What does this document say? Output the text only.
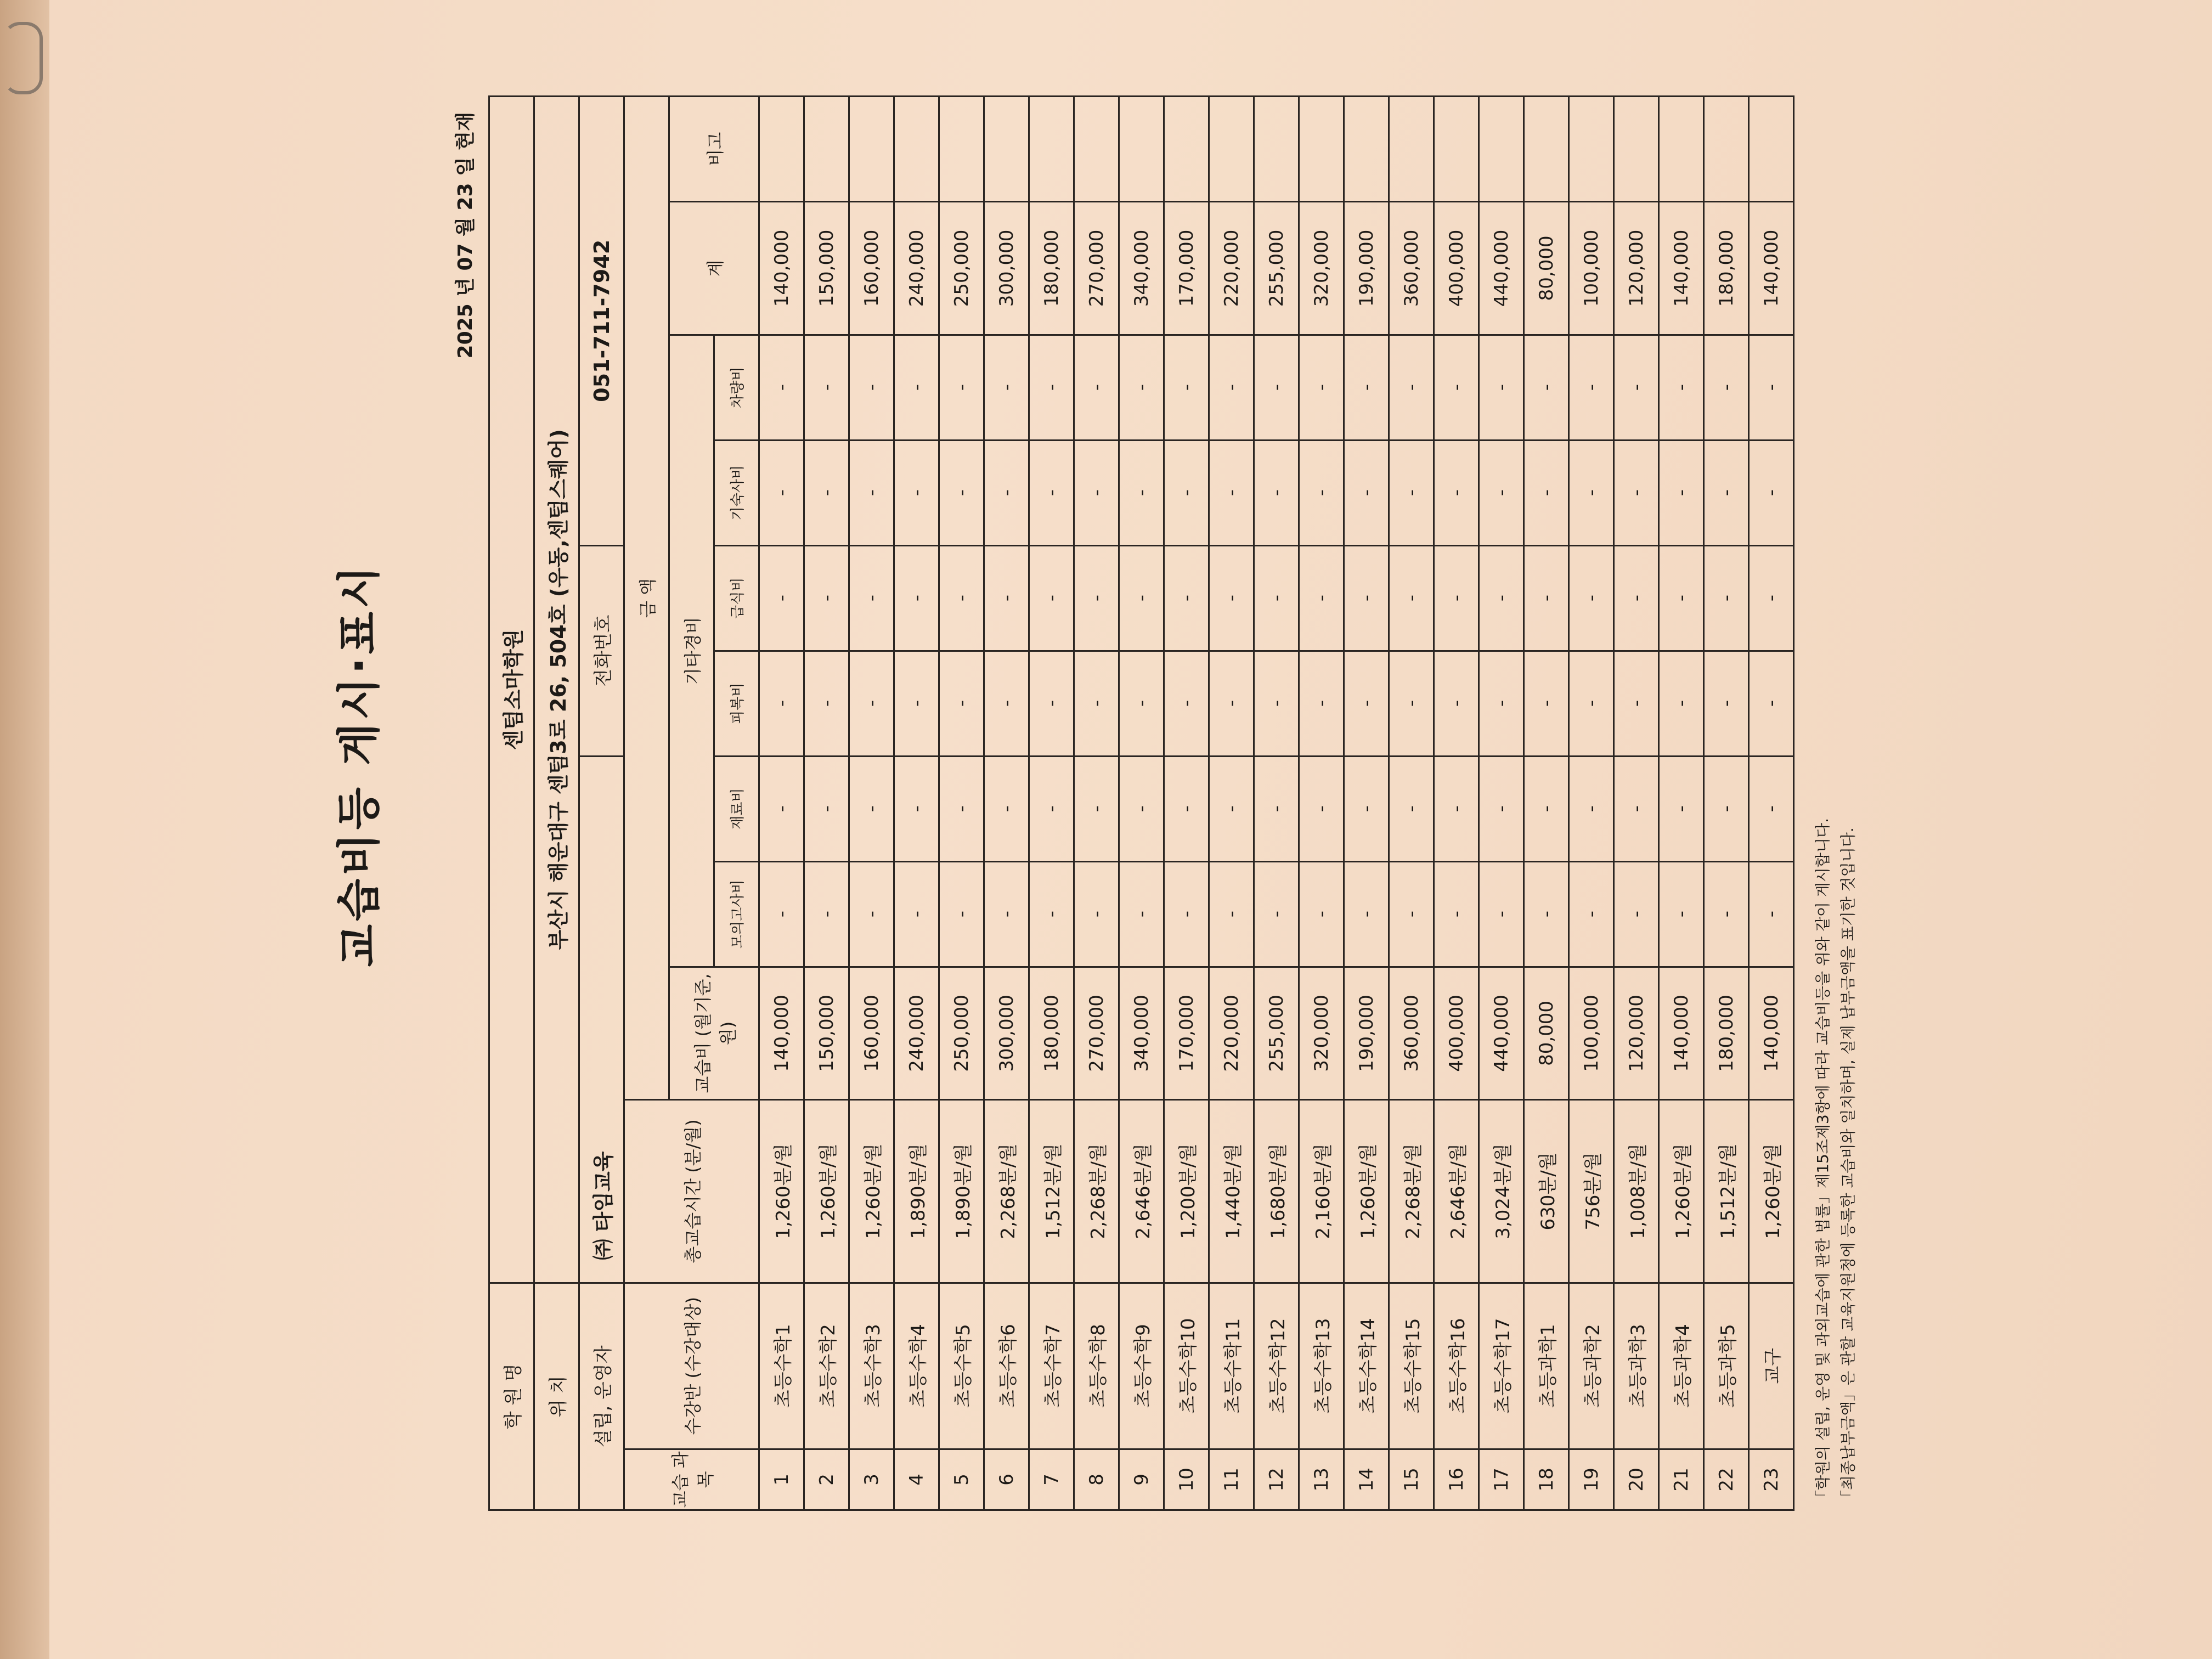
교습비등 게시·표시
2025 년 07 월 23 일 현재
학 원 명		센텀소마학원									
위 치		부산시 해운대구 센텀3로 26, 504호 (우동,센텀스퀘어)									
설립, 운영자		㈜ 타임교육				전화번호		051-711-7942			
교습 과목	수강반 (수강대상)	총교습시간 (분/월)	금 액								
			교습비 (월기준,원)	기타경비						계	비고
				모의고사비	재료비	피복비	급식비	기숙사비	차량비		
1	초등수학1	1,260분/월	140,000	-	-	-	-	-	-	140,000	
2	초등수학2	1,260분/월	150,000	-	-	-	-	-	-	150,000	
3	초등수학3	1,260분/월	160,000	-	-	-	-	-	-	160,000	
4	초등수학4	1,890분/월	240,000	-	-	-	-	-	-	240,000	
5	초등수학5	1,890분/월	250,000	-	-	-	-	-	-	250,000	
6	초등수학6	2,268분/월	300,000	-	-	-	-	-	-	300,000	
7	초등수학7	1,512분/월	180,000	-	-	-	-	-	-	180,000	
8	초등수학8	2,268분/월	270,000	-	-	-	-	-	-	270,000	
9	초등수학9	2,646분/월	340,000	-	-	-	-	-	-	340,000	
10	초등수학10	1,200분/월	170,000	-	-	-	-	-	-	170,000	
11	초등수학11	1,440분/월	220,000	-	-	-	-	-	-	220,000	
12	초등수학12	1,680분/월	255,000	-	-	-	-	-	-	255,000	
13	초등수학13	2,160분/월	320,000	-	-	-	-	-	-	320,000	
14	초등수학14	1,260분/월	190,000	-	-	-	-	-	-	190,000	
15	초등수학15	2,268분/월	360,000	-	-	-	-	-	-	360,000	
16	초등수학16	2,646분/월	400,000	-	-	-	-	-	-	400,000	
17	초등수학17	3,024분/월	440,000	-	-	-	-	-	-	440,000	
18	초등과학1	630분/월	80,000	-	-	-	-	-	-	80,000	
19	초등과학2	756분/월	100,000	-	-	-	-	-	-	100,000	
20	초등과학3	1,008분/월	120,000	-	-	-	-	-	-	120,000	
21	초등과학4	1,260분/월	140,000	-	-	-	-	-	-	140,000	
22	초등과학5	1,512분/월	180,000	-	-	-	-	-	-	180,000	
23	교구	1,260분/월	140,000	-	-	-	-	-	-	140,000	
「학원의 설립, 운영 및 과외교습에 관한 법률」제15조제3항에 따라 교습비등을 위와 같이 게시합니다. 「최종납부금액」은 관할 교육지원청에 등록한 교습비와 일치하며, 실제 납부금액을 표기한 것입니다.
